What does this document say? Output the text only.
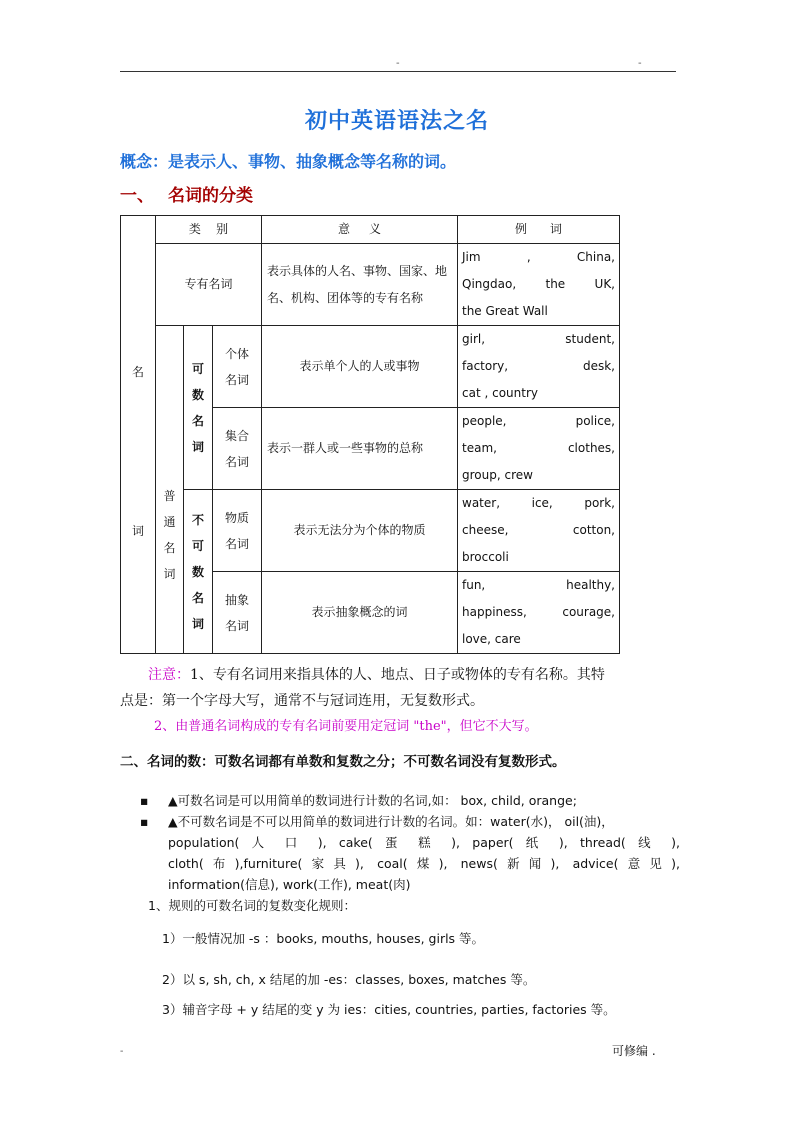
-	-
初中英语语法之名
概念：是表示人、事物、抽象概念等名称的词。
一、 名词的分类
名
词	类    别			意     义	例      词
	专有名词			表示具体的人名、事物、国家、地名、机构、团体等的专有名称	Jim , China,
Qingdao, the UK,
the Great Wall

	普通名词	可数名词	个体名词	表示单个人的人或事物	girl, student,
factory, desk,
cat , country

			集合名词	表示一群人或一些事物的总称	people, police,
team, clothes,
group, crew

		不可数名词	物质名词	表示无法分为个体的物质	water, ice, pork,
cheese, cotton,
broccoli

			抽象名词	表示抽象概念的词	fun, healthy,
happiness, courage,
love, care
注意：1、专有名词用来指具体的人、地点、日子或物体的专有名称。其特
点是：第一个字母大写，通常不与冠词连用，无复数形式。
2、由普通名词构成的专有名词前要用定冠词 "the"，但它不大写。
二、名词的数：可数名词都有单数和复数之分；不可数名词没有复数形式。
▪ ▲可数名词是可以用简单的数词进行计数的名词,如： box, child, orange;
▪ ▲不可数名词是不可以用简单的数词进行计数的名词。如：water(水)， oil(油)，
population( 人 口 ), cake( 蛋 糕 ), paper( 纸 ), thread( 线 ),
cloth(布),furniture(家具), coal(煤), news(新闻), advice(意见),
information(信息), work(工作), meat(肉)
1、规则的可数名词的复数变化规则：
1）一般情况加 -s ：books, mouths, houses, girls 等。
2）以 s, sh, ch, x 结尾的加 -es：classes, boxes, matches 等。
3）辅音字母 + y 结尾的变 y 为 ies：cities, countries, parties, factories 等。
-	可修编 .
